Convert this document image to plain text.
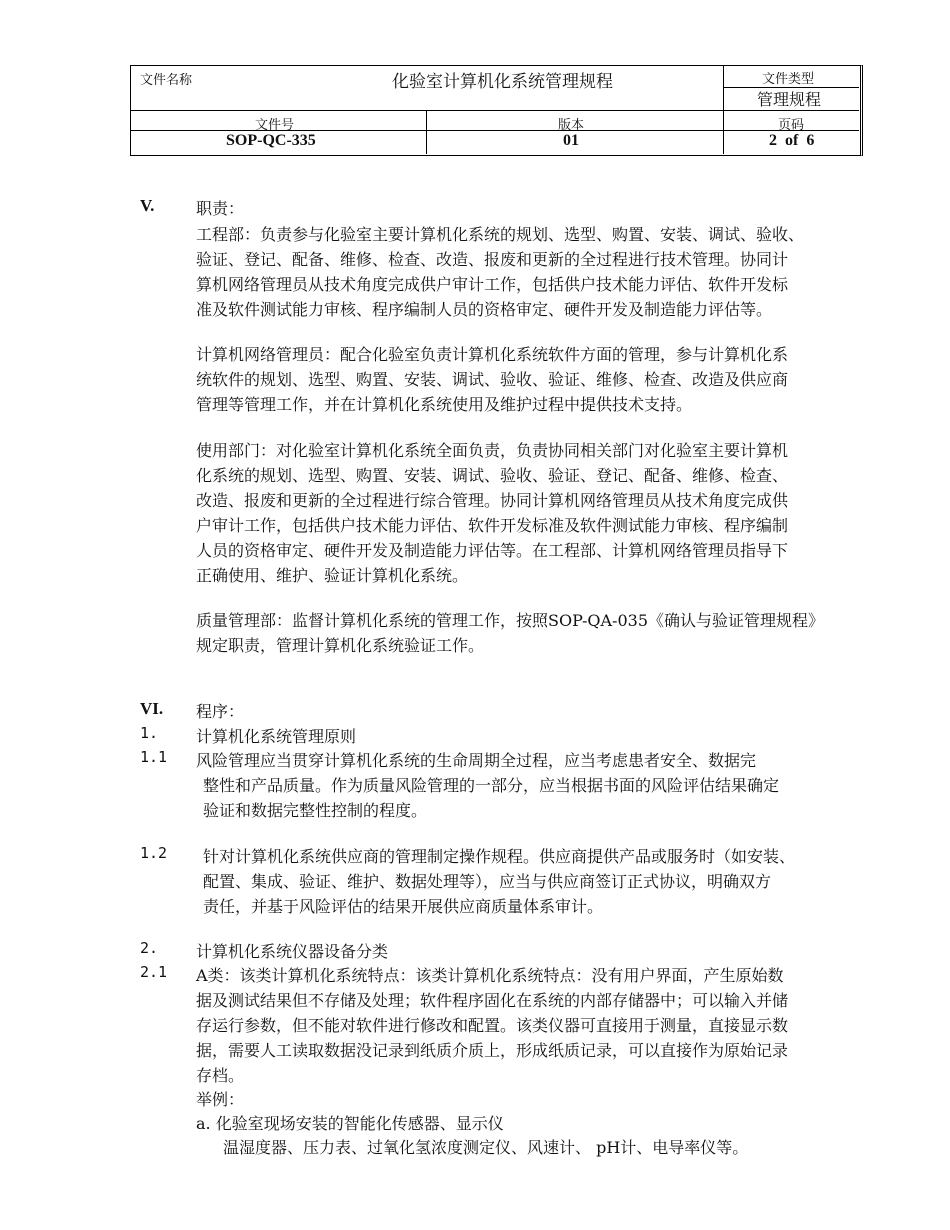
文件名称	化验室计算机化系统管理规程	文件类型
管理规程
文件号	版本	页码
SOP-QC-335	01	2  of  6
V.	职责：
工程部：负责参与化验室主要计算机化系统的规划、选型、购置、安装、调试、验收、
验证、登记、配备、维修、检查、改造、报废和更新的全过程进行技术管理。协同计
算机网络管理员从技术角度完成供户审计工作，包括供户技术能力评估、软件开发标
准及软件测试能力审核、程序编制人员的资格审定、硬件开发及制造能力评估等。
计算机网络管理员：配合化验室负责计算机化系统软件方面的管理，参与计算机化系
统软件的规划、选型、购置、安装、调试、验收、验证、维修、检查、改造及供应商
管理等管理工作，并在计算机化系统使用及维护过程中提供技术支持。
使用部门：对化验室计算机化系统全面负责，负责协同相关部门对化验室主要计算机
化系统的规划、选型、购置、安装、调试、验收、验证、登记、配备、维修、检查、
改造、报废和更新的全过程进行综合管理。协同计算机网络管理员从技术角度完成供
户审计工作，包括供户技术能力评估、软件开发标准及软件测试能力审核、程序编制
人员的资格审定、硬件开发及制造能力评估等。在工程部、计算机网络管理员指导下
正确使用、维护、验证计算机化系统。
质量管理部：监督计算机化系统的管理工作，按照SOP-QA-035《确认与验证管理规程》
规定职责，管理计算机化系统验证工作。
VI. 程序：
1. 计算机化系统管理原则
1.1 风险管理应当贯穿计算机化系统的生命周期全过程，应当考虑患者安全、数据完
整性和产品质量。作为质量风险管理的一部分，应当根据书面的风险评估结果确定
验证和数据完整性控制的程度。
1.2 针对计算机化系统供应商的管理制定操作规程。供应商提供产品或服务时（如安装、
配置、集成、验证、维护、数据处理等），应当与供应商签订正式协议，明确双方
责任，并基于风险评估的结果开展供应商质量体系审计。
2. 计算机化系统仪器设备分类
2.1 A类：该类计算机化系统特点：该类计算机化系统特点：没有用户界面，产生原始数
据及测试结果但不存储及处理；软件程序固化在系统的内部存储器中；可以输入并储
存运行参数，但不能对软件进行修改和配置。该类仪器可直接用于测量，直接显示数
据，需要人工读取数据没记录到纸质介质上，形成纸质记录，可以直接作为原始记录
存档。
举例：
a. 化验室现场安装的智能化传感器、显示仪
温湿度器、压力表、过氧化氢浓度测定仪、风速计、 pH计、电导率仪等。
